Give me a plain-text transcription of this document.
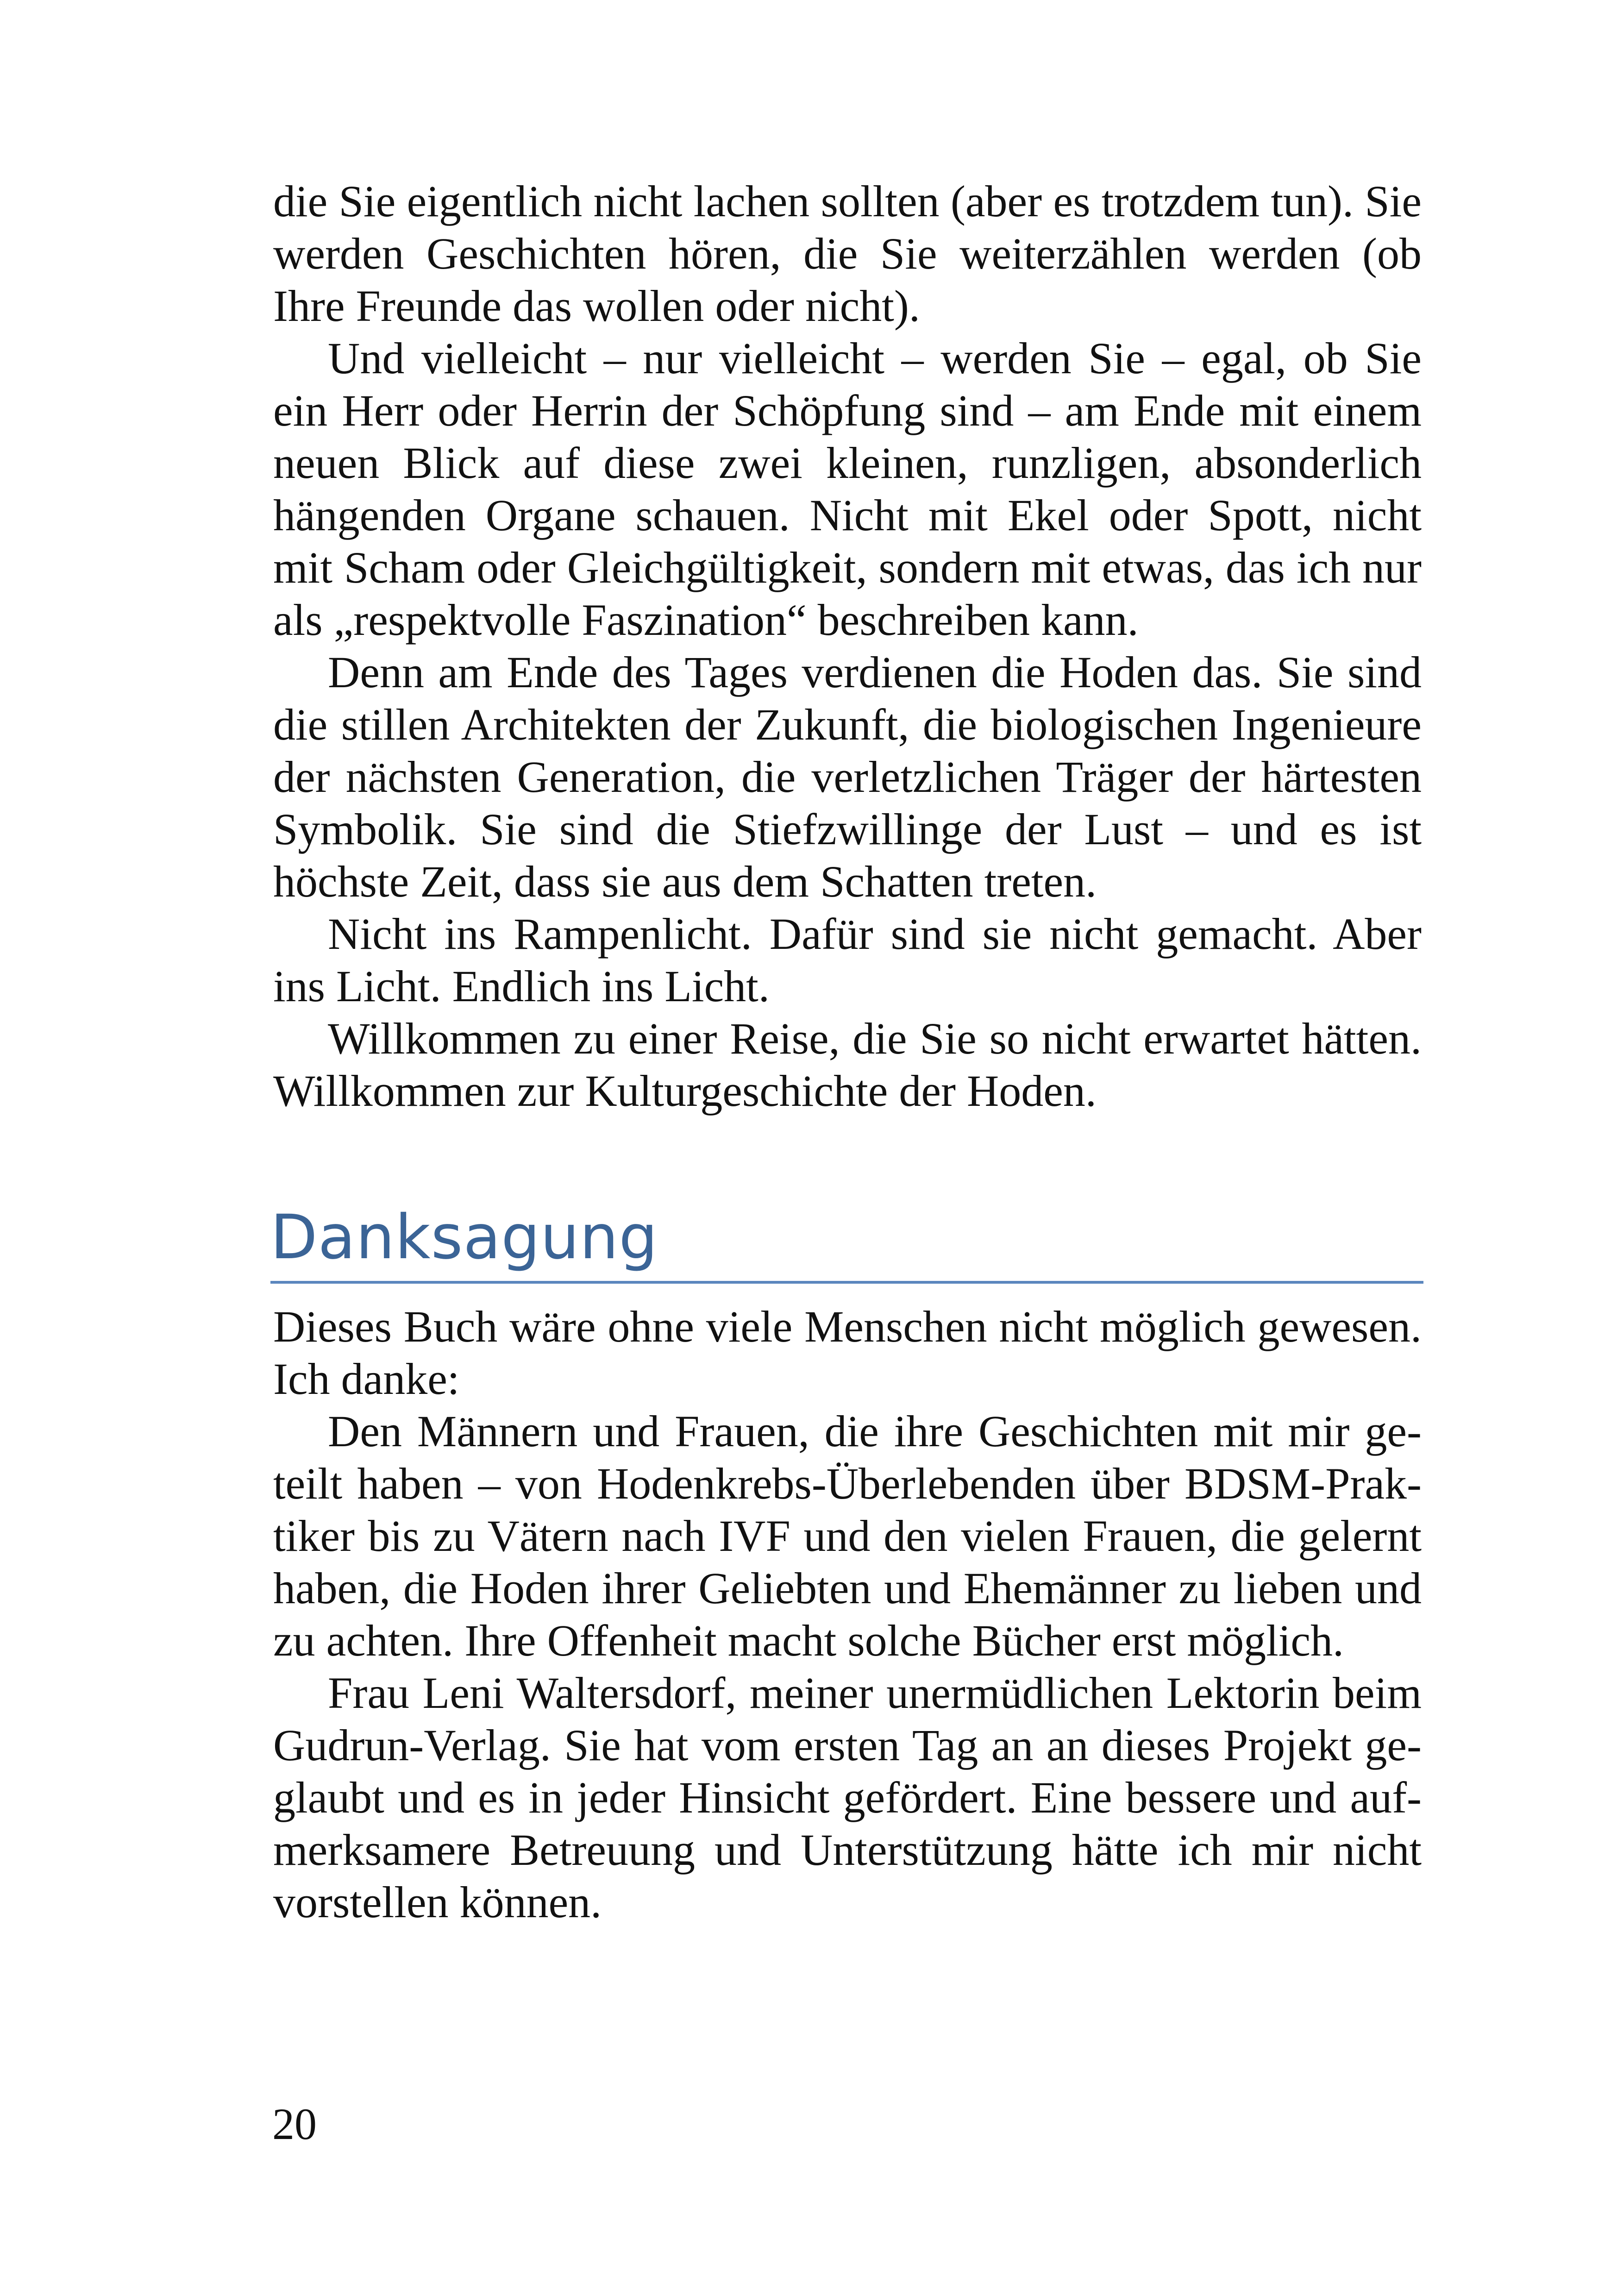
die Sie eigentlich nicht lachen sollten (aber es trotzdem tun). Sie werden Geschichten hören, die Sie weiterzählen werden (ob Ihre Freunde das wollen oder nicht).

Und vielleicht – nur vielleicht – werden Sie – egal, ob Sie ein Herr oder Herrin der Schöpfung sind – am Ende mit einem neuen Blick auf diese zwei kleinen, runzligen, absonderlich hängenden Organe schauen. Nicht mit Ekel oder Spott, nicht mit Scham oder Gleichgültigkeit, sondern mit etwas, das ich nur als „respektvolle Faszination“ beschreiben kann.

Denn am Ende des Tages verdienen die Hoden das. Sie sind die stillen Architekten der Zukunft, die biologischen Ingenieure der nächsten Generation, die verletzlichen Träger der härtesten Symbolik. Sie sind die Stiefzwillinge der Lust – und es ist höchste Zeit, dass sie aus dem Schatten treten.

Nicht ins Rampenlicht. Dafür sind sie nicht gemacht. Aber ins Licht. Endlich ins Licht.

Willkommen zu einer Reise, die Sie so nicht erwartet hätten. Willkommen zur Kulturgeschichte der Hoden.

Danksagung

Dieses Buch wäre ohne viele Menschen nicht möglich gewesen. Ich danke:

Den Männern und Frauen, die ihre Geschichten mit mir geteilt haben – von Hodenkrebs-Überlebenden über BDSM-Praktiker bis zu Vätern nach IVF und den vielen Frauen, die gelernt haben, die Hoden ihrer Geliebten und Ehemänner zu lieben und zu achten. Ihre Offenheit macht solche Bücher erst möglich.

Frau Leni Waltersdorf, meiner unermüdlichen Lektorin beim Gudrun-Verlag. Sie hat vom ersten Tag an an dieses Projekt geglaubt und es in jeder Hinsicht gefördert. Eine bessere und aufmerksamere Betreuung und Unterstützung hätte ich mir nicht vorstellen können.

20
